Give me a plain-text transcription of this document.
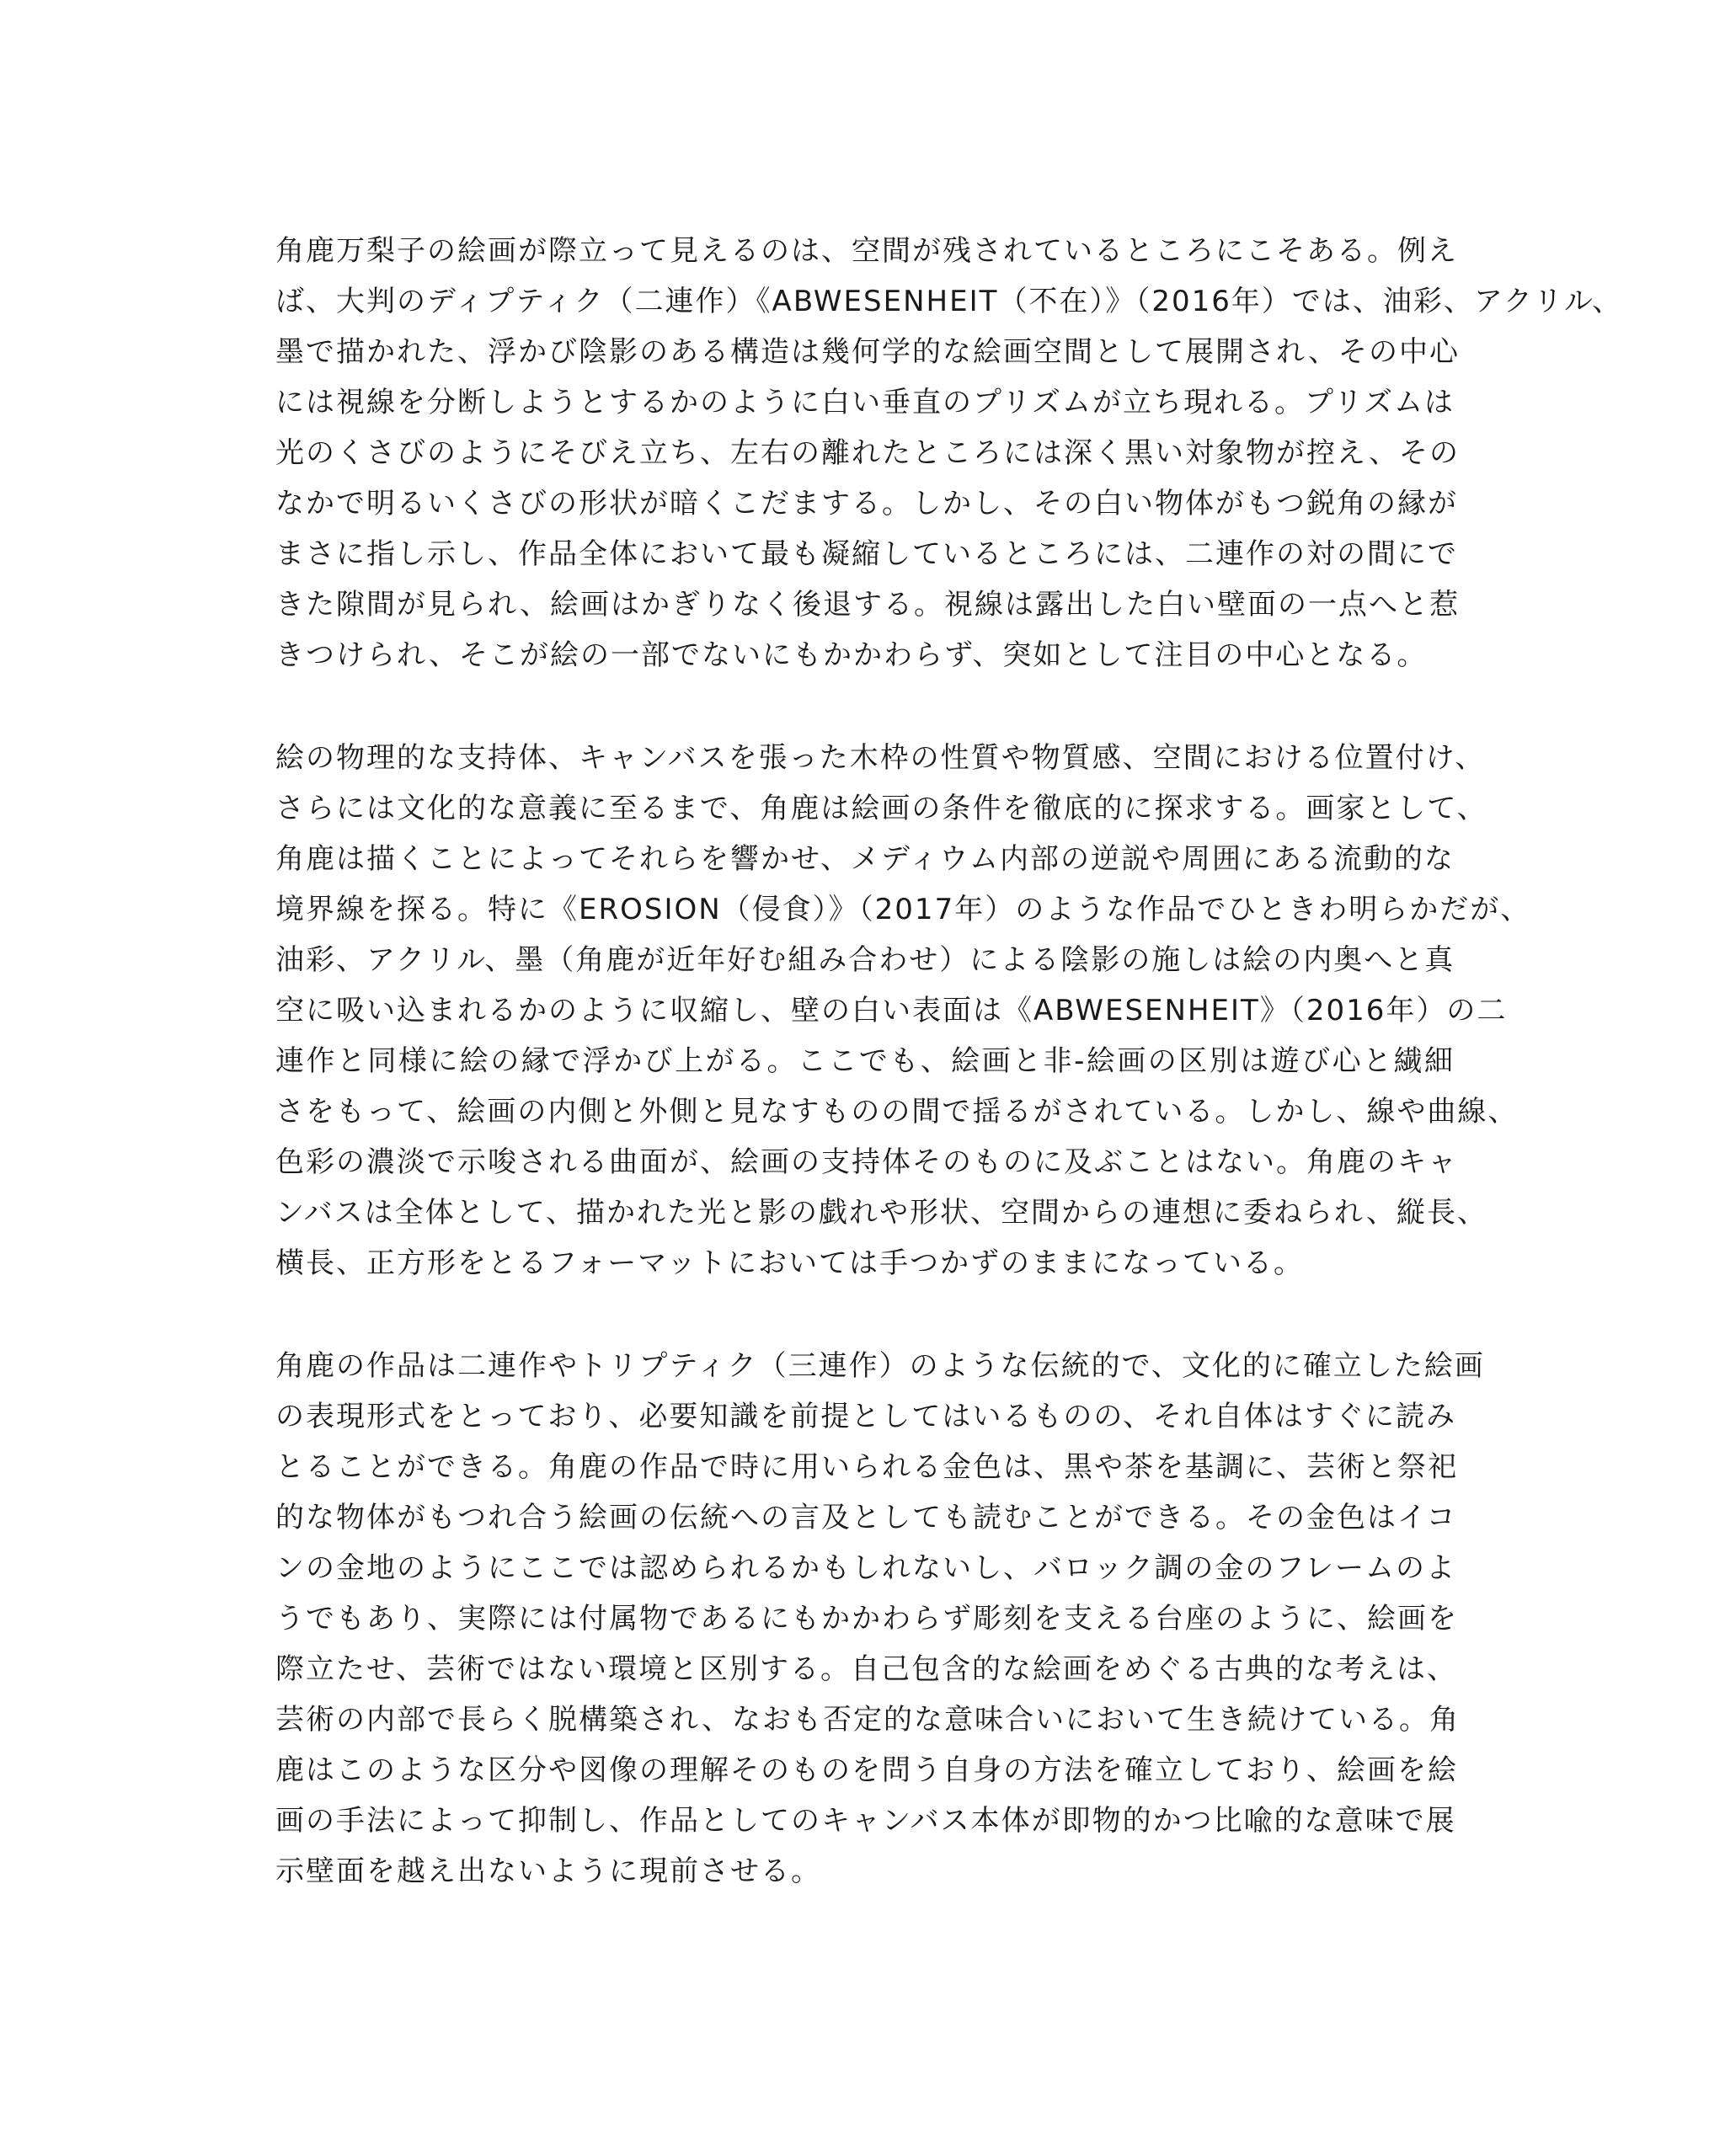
角鹿万梨子の絵画が際立って見えるのは、空間が残されているところにこそある。例え
ば、大判のディプティク（二連作）《ABWESENHEIT（不在）》（2016年）では、油彩、アクリル、
墨で描かれた、浮かび陰影のある構造は幾何学的な絵画空間として展開され、その中心
には視線を分断しようとするかのように白い垂直のプリズムが立ち現れる。プリズムは
光のくさびのようにそびえ立ち、左右の離れたところには深く黒い対象物が控え、その
なかで明るいくさびの形状が暗くこだまする。しかし、その白い物体がもつ鋭角の縁が
まさに指し示し、作品全体において最も凝縮しているところには、二連作の対の間にで
きた隙間が見られ、絵画はかぎりなく後退する。視線は露出した白い壁面の一点へと惹
きつけられ、そこが絵の一部でないにもかかわらず、突如として注目の中心となる。
絵の物理的な支持体、キャンバスを張った木枠の性質や物質感、空間における位置付け、
さらには文化的な意義に至るまで、角鹿は絵画の条件を徹底的に探求する。画家として、
角鹿は描くことによってそれらを響かせ、メディウム内部の逆説や周囲にある流動的な
境界線を探る。特に《EROSION（侵食）》（2017年）のような作品でひときわ明らかだが、
油彩、アクリル、墨（角鹿が近年好む組み合わせ）による陰影の施しは絵の内奥へと真
空に吸い込まれるかのように収縮し、壁の白い表面は《ABWESENHEIT》（2016年）の二
連作と同様に絵の縁で浮かび上がる。ここでも、絵画と非-絵画の区別は遊び心と繊細
さをもって、絵画の内側と外側と見なすものの間で揺るがされている。しかし、線や曲線、
色彩の濃淡で示唆される曲面が、絵画の支持体そのものに及ぶことはない。角鹿のキャ
ンバスは全体として、描かれた光と影の戯れや形状、空間からの連想に委ねられ、縦長、
横長、正方形をとるフォーマットにおいては手つかずのままになっている。
角鹿の作品は二連作やトリプティク（三連作）のような伝統的で、文化的に確立した絵画
の表現形式をとっており、必要知識を前提としてはいるものの、それ自体はすぐに読み
とることができる。角鹿の作品で時に用いられる金色は、黒や茶を基調に、芸術と祭祀
的な物体がもつれ合う絵画の伝統への言及としても読むことができる。その金色はイコ
ンの金地のようにここでは認められるかもしれないし、バロック調の金のフレームのよ
うでもあり、実際には付属物であるにもかかわらず彫刻を支える台座のように、絵画を
際立たせ、芸術ではない環境と区別する。自己包含的な絵画をめぐる古典的な考えは、
芸術の内部で長らく脱構築され、なおも否定的な意味合いにおいて生き続けている。角
鹿はこのような区分や図像の理解そのものを問う自身の方法を確立しており、絵画を絵
画の手法によって抑制し、作品としてのキャンバス本体が即物的かつ比喩的な意味で展
示壁面を越え出ないように現前させる。
